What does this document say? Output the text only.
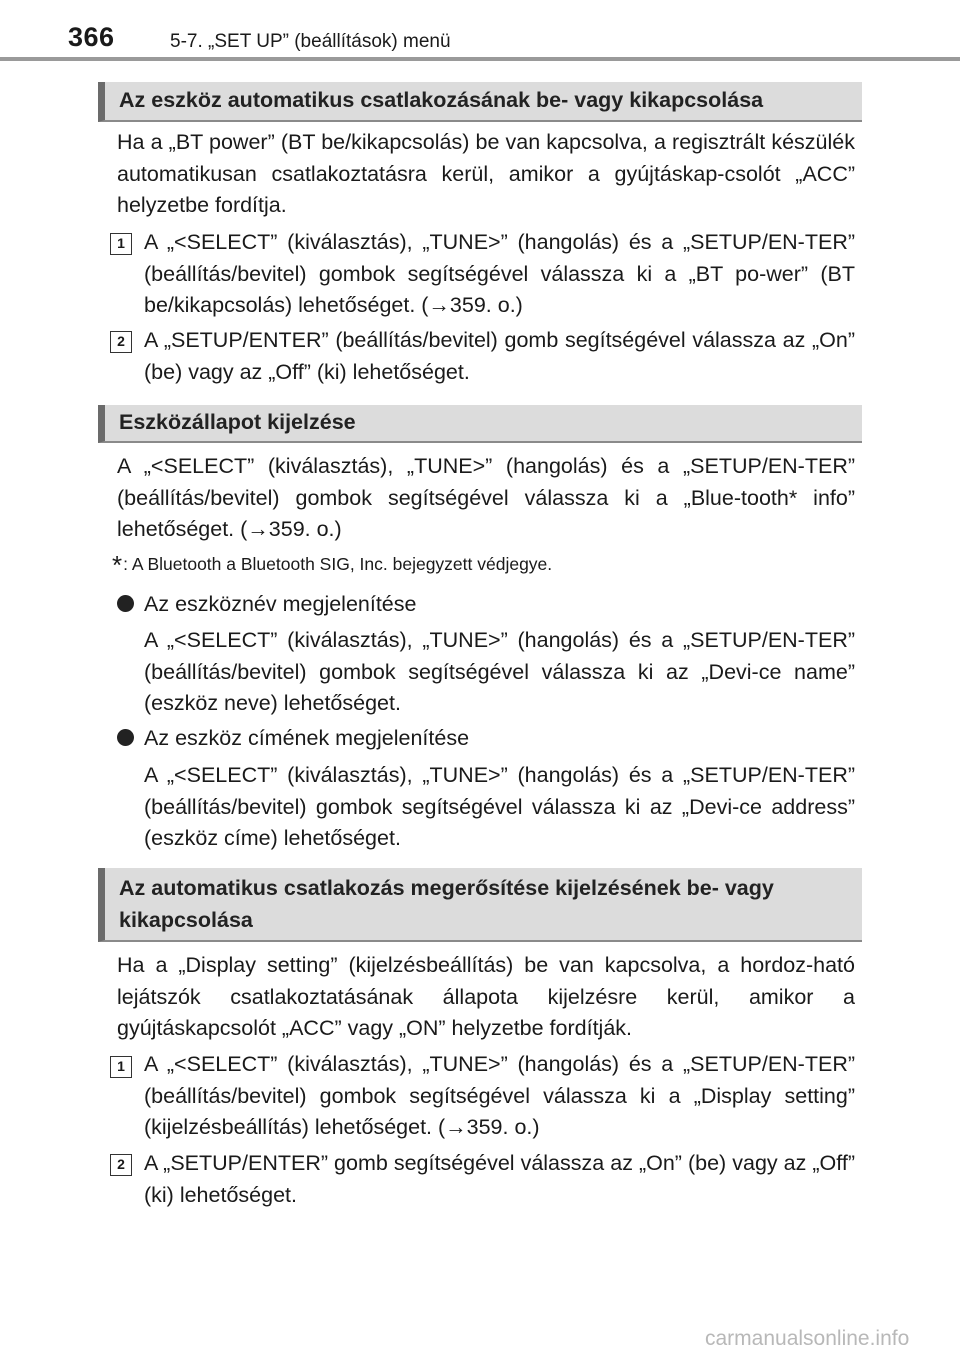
366	5-7. „SET UP” (beállítások) menü
Az eszköz automatikus csatlakozásának be- vagy kikapcsolása

Ha a „BT power” (BT be/kikapcsolás) be van kapcsolva, a regisztrált készülék automatikusan csatlakoztatásra kerül, amikor a gyújtáskap-csolót „ACC” helyzetbe fordítja.

1 A „<SELECT” (kiválasztás), „TUNE>” (hangolás) és a „SETUP/EN-TER” (beállítás/bevitel) gombok segítségével válassza ki a „BT po-wer” (BT be/kikapcsolás) lehetőséget. (→359. o.)

2 A „SETUP/ENTER” (beállítás/bevitel) gomb segítségével válassza az „On” (be) vagy az „Off” (ki) lehetőséget.

Eszközállapot kijelzése

A „<SELECT” (kiválasztás), „TUNE>” (hangolás) és a „SETUP/EN-TER” (beállítás/bevitel) gombok segítségével válassza ki a „Blue-tooth* info” lehetőséget. (→359. o.)

*: A Bluetooth a Bluetooth SIG, Inc. bejegyzett védjegye.
Az eszköznév megjelenítése

A „<SELECT” (kiválasztás), „TUNE>” (hangolás) és a „SETUP/EN-TER” (beállítás/bevitel) gombok segítségével válassza ki az „Devi-ce name” (eszköz neve) lehetőséget.

Az eszköz címének megjelenítése

A „<SELECT” (kiválasztás), „TUNE>” (hangolás) és a „SETUP/EN-TER” (beállítás/bevitel) gombok segítségével válassza ki az „Devi-ce address” (eszköz címe) lehetőséget.

Az automatikus csatlakozás megerősítése kijelzésének be- vagy
kikapcsolása

Ha a „Display setting” (kijelzésbeállítás) be van kapcsolva, a hordoz-ható lejátszók csatlakoztatásának állapota kijelzésre kerül, amikor a gyújtáskapcsolót „ACC” vagy „ON” helyzetbe fordítják.

1 A „<SELECT” (kiválasztás), „TUNE>” (hangolás) és a „SETUP/EN-TER” (beállítás/bevitel) gombok segítségével válassza ki a „Display setting” (kijelzésbeállítás) lehetőséget. (→359. o.)

2 A „SETUP/ENTER” gomb segítségével válassza az „On” (be) vagy az „Off” (ki) lehetőséget.

carmanualsonline.info
